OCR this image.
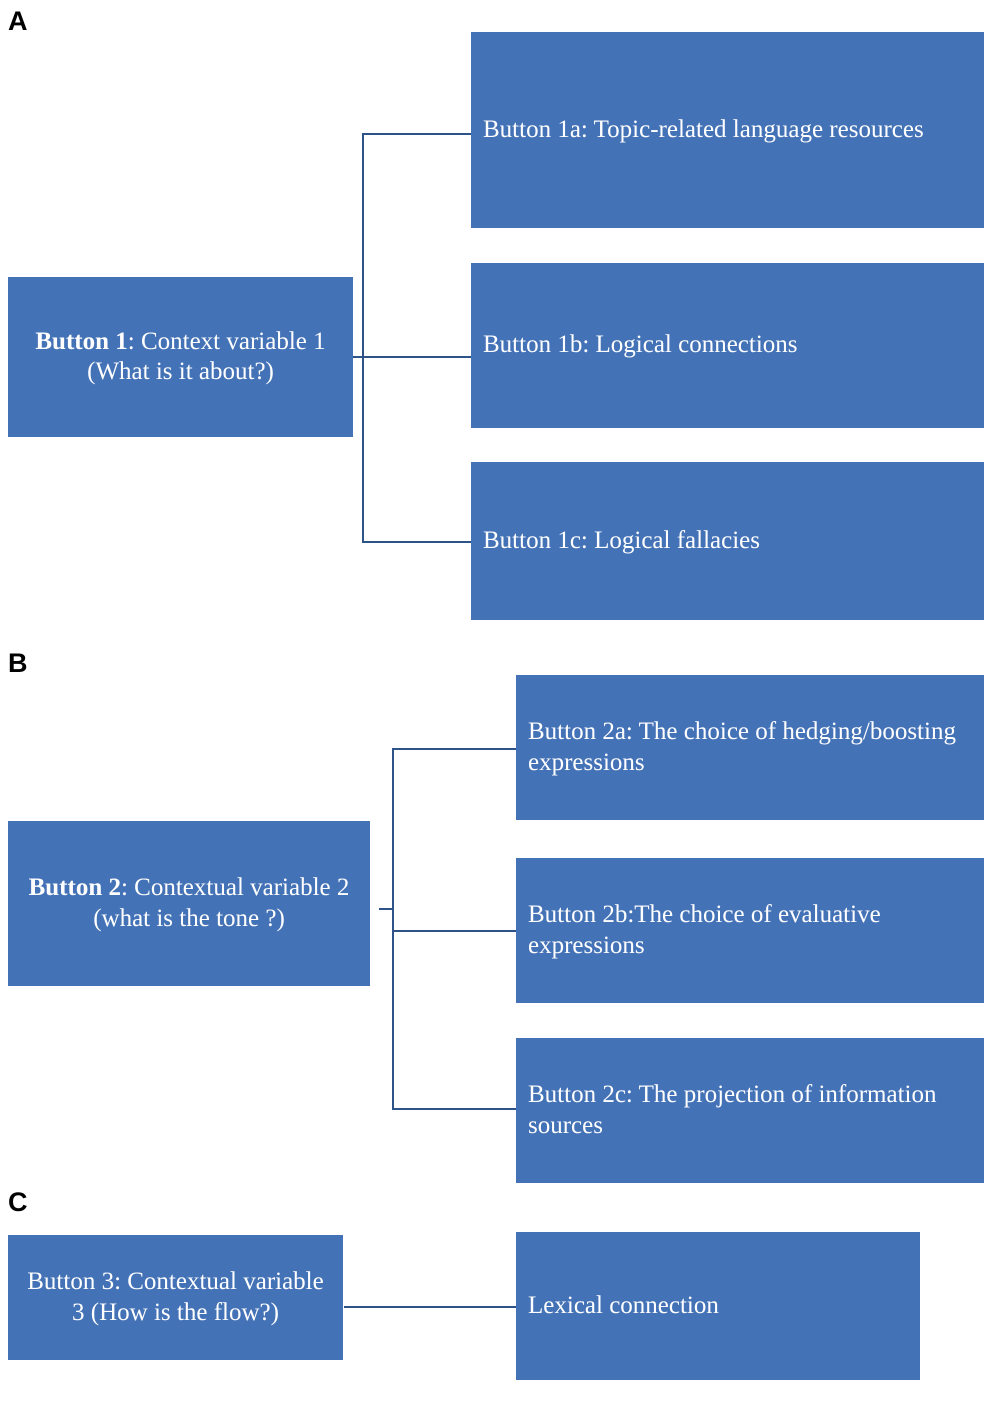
A
Button 1: Context variable 1 (What is it about?)
Button 1a: Topic-related language resources
Button 1b: Logical connections
Button 1c: Logical fallacies
B
Button 2: Contextual variable 2 (what is the tone ?)
Button 2a: The choice of hedging/boosting expressions
Button 2b:The choice of evaluative expressions
Button 2c: The projection of information sources
C
Button 3: Contextual variable 3 (How is the flow?)	Lexical connection
